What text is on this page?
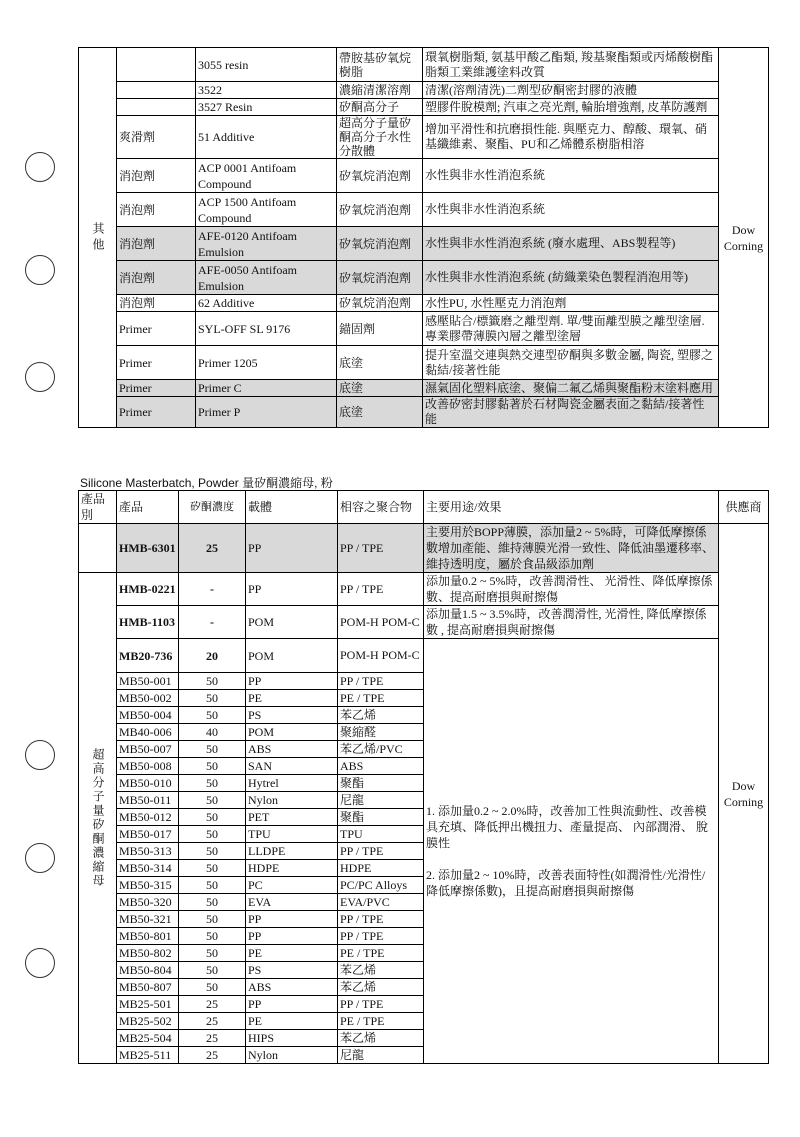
其他		3055 resin	帶胺基矽氧烷樹脂	環氧樹脂類, 氨基甲酸乙酯類, 羧基聚酯類或丙烯酸樹酯脂類工業維護塗料改質	Dow Corning
		3522	濃縮清潔溶劑	清潔(溶劑清洗)二劑型矽酮密封膠的液體	
		3527 Resin	矽酮高分子	塑膠件脫模劑; 汽車之亮光劑, 輪胎增強劑, 皮革防護劑	
	爽滑劑	51 Additive	超高分子量矽酮高分子水性分散體	增加平滑性和抗磨損性能. 與壓克力、醇酸、環氧、硝基纖維素、聚酯、PU和乙烯體系樹脂相溶	
	消泡劑	ACP 0001 Antifoam Compound	矽氧烷消泡劑	水性與非水性消泡系統	
	消泡劑	ACP 1500 Antifoam Compound	矽氧烷消泡劑	水性與非水性消泡系統	
	消泡劑	AFE-0120 Antifoam Emulsion	矽氧烷消泡劑	水性與非水性消泡系統 (廢水處理、ABS製程等)	
	消泡劑	AFE-0050 Antifoam Emulsion	矽氧烷消泡劑	水性與非水性消泡系統 (紡織業染色製程消泡用等)	
	消泡劑	62 Additive	矽氧烷消泡劑	水性PU, 水性壓克力消泡劑	
	Primer	SYL-OFF SL 9176	錨固劑	感壓貼合/標籤磨之離型劑. 單/雙面離型膜之離型塗層. 專業膠帶薄膜內層之離型塗層	
	Primer	Primer 1205	底塗	提升室溫交連與熱交連型矽酮與多數金屬, 陶瓷, 塑膠之黏結/接著性能	
	Primer	Primer C	底塗	濕氣固化塑料底塗、聚偏二氟乙烯與聚酯粉末塗料應用	
	Primer	Primer P	底塗	改善矽密封膠黏著於石材陶瓷金屬表面之黏結/接著性能	
Silicone Masterbatch, Powder 量矽酮濃縮母, 粉
產品別	產品	矽酮濃度	載體	相容之聚合物	主要用途/效果	供應商
	HMB-6301	25	PP	PP / TPE	主要用於BOPP薄膜，添加量2 ~ 5%時，可降低摩擦係數增加產能、維持薄膜光滑一致性、降低油墨遷移率、維持透明度，屬於食品級添加劑	Dow Corning
超高分子量矽酮濃縮母	HMB-0221	-	PP	PP / TPE	添加量0.2 ~ 5%時，改善潤滑性、 光滑性、降低摩擦係數、提高耐磨損與耐擦傷	
	HMB-1103	-	POM	POM-H POM-C	添加量1.5 ~ 3.5%時，改善潤滑性, 光滑性, 降低摩擦係數 , 提高耐磨損與耐擦傷	
	MB20-736	20	POM	POM-H POM-C	1. 添加量0.2 ~ 2.0%時，改善加工性與流動性、改善模具充填、降低押出機扭力、產量提高、 內部潤滑、 脫膜性
2. 添加量2 ~ 10%時，改善表面特性(如潤滑性/光滑性/ 降低摩擦係數)，且提高耐磨損與耐擦傷	

	MB50-001	50	PP	PP / TPE		
	MB50-002	50	PE	PE / TPE		
	MB50-004	50	PS	苯乙烯		
	MB40-006	40	POM	聚縮醛		
	MB50-007	50	ABS	苯乙烯/PVC		
	MB50-008	50	SAN	ABS		
	MB50-010	50	Hytrel	聚酯		
	MB50-011	50	Nylon	尼龍		
	MB50-012	50	PET	聚酯		
	MB50-017	50	TPU	TPU		
	MB50-313	50	LLDPE	PP / TPE		
	MB50-314	50	HDPE	HDPE		
	MB50-315	50	PC	PC/PC Alloys		
	MB50-320	50	EVA	EVA/PVC		
	MB50-321	50	PP	PP / TPE		
	MB50-801	50	PP	PP / TPE		
	MB50-802	50	PE	PE / TPE		
	MB50-804	50	PS	苯乙烯		
	MB50-807	50	ABS	苯乙烯		
	MB25-501	25	PP	PP / TPE		
	MB25-502	25	PE	PE / TPE		
	MB25-504	25	HIPS	苯乙烯		
	MB25-511	25	Nylon	尼龍		
